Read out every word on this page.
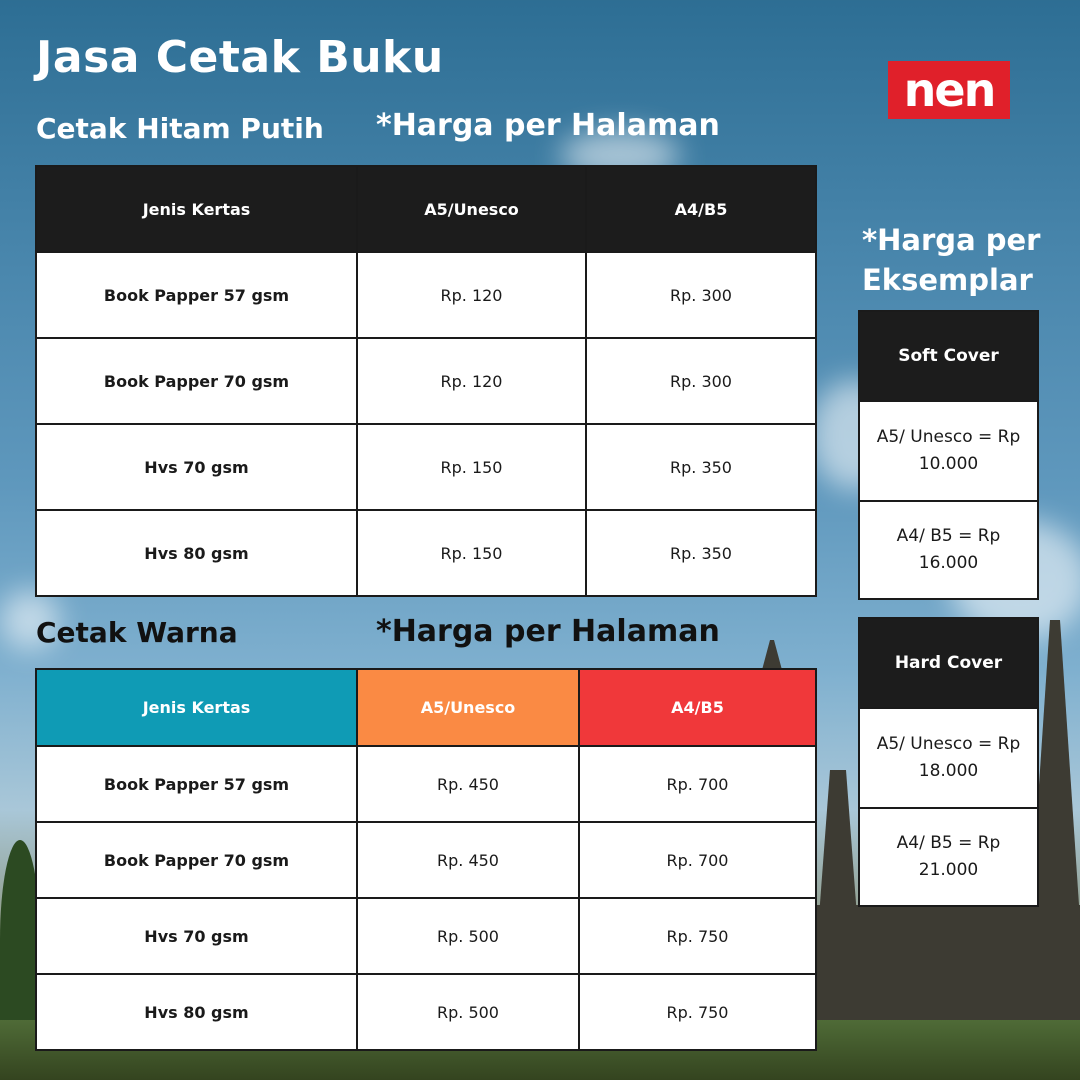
Jasa Cetak Buku
nen
Cetak Hitam Putih *Harga per Halaman
Jenis Kertas	A5/Unesco	A4/B5
Book Papper 57 gsm	Rp. 120	Rp. 300
Book Papper 70 gsm	Rp. 120	Rp. 300
Hvs 70 gsm	Rp. 150	Rp. 350
Hvs 80 gsm	Rp. 150	Rp. 350
Cetak Warna	*Harga per Halaman
Jenis Kertas	A5/Unesco	A4/B5
Book Papper 57 gsm	Rp. 450	Rp. 700
Book Papper 70 gsm	Rp. 450	Rp. 700
Hvs 70 gsm	Rp. 500	Rp. 750
Hvs 80 gsm	Rp. 500	Rp. 750
*Harga per
Eksemplar
Soft Cover
A5/ Unesco = Rp 10.000
A4/ B5 = Rp 16.000
Hard Cover
A5/ Unesco = Rp 18.000
A4/ B5 = Rp 21.000
